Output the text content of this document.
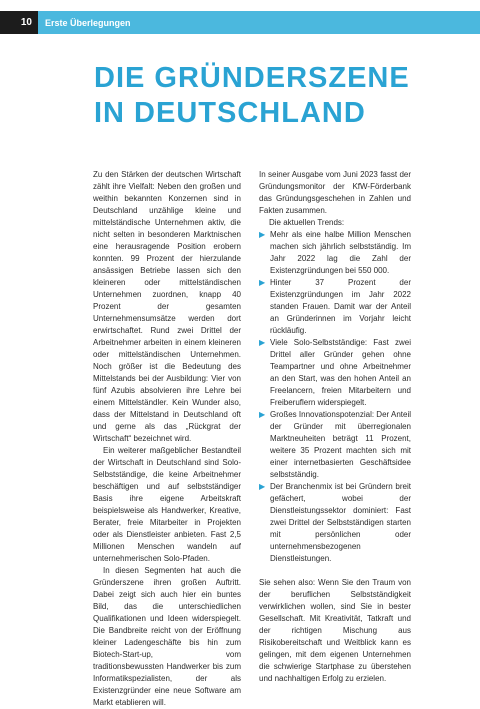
10	Erste Überlegungen
DIE GRÜNDERSZENE IN DEUTSCHLAND

Zu den Stärken der deutschen Wirtschaft zählt ihre Vielfalt: Neben den großen und weithin bekannten Konzernen sind in Deutschland unzählige kleine und mittelständische Unternehmen aktiv, die nicht selten in besonderen Marktnischen eine herausragende Position erobern konnten. 99 Prozent der hierzulande ansässigen Betriebe lassen sich den kleineren oder mittelständischen Unternehmen zuordnen, knapp 40 Prozent der gesamten Unternehmensumsätze werden dort erwirtschaftet. Rund zwei Drittel der Arbeitnehmer arbeiten in einem kleineren oder mittelständischen Unternehmen. Noch größer ist die Bedeutung des Mittelstands bei der Ausbildung: Vier von fünf Azubis absolvieren ihre Lehre bei einem Mittelständler. Kein Wunder also, dass der Mittelstand in Deutschland oft und gerne als das „Rückgrat der Wirtschaft“ bezeichnet wird.

Ein weiterer maßgeblicher Bestandteil der Wirtschaft in Deutschland sind Solo-Selbstständige, die keine Arbeitnehmer beschäftigen und auf selbstständiger Basis ihre eigene Arbeitskraft beispielsweise als Handwerker, Kreative, Berater, freie Mitarbeiter in Projekten oder als Dienstleister anbieten. Fast 2,5 Millionen Menschen wandeln auf unternehmerischen Solo-Pfaden.

In diesen Segmenten hat auch die Gründerszene ihren großen Auftritt. Dabei zeigt sich auch hier ein buntes Bild, das die unterschiedlichen Qualifikationen und Ideen widerspiegelt. Die Bandbreite reicht von der Eröffnung kleiner Ladengeschäfte bis hin zum Biotech-Start-up, vom traditionsbewussten Handwerker bis zum Informatikspezialisten, der als Existenzgründer eine neue Software am Markt etablieren will.

In seiner Ausgabe vom Juni 2023 fasst der Gründungsmonitor der KfW-Förderbank das Gründungsgeschehen in Zahlen und Fakten zusammen.

Die aktuellen Trends:

▶ Mehr als eine halbe Million Menschen machen sich jährlich selbstständig. Im Jahr 2022 lag die Zahl der Existenzgründungen bei 550 000.
▶ Hinter 37 Prozent der Existenzgründungen im Jahr 2022 standen Frauen. Damit war der Anteil an Gründerinnen im Vorjahr leicht rückläufig.
▶ Viele Solo-Selbstständige: Fast zwei Drittel aller Gründer gehen ohne Teampartner und ohne Arbeitnehmer an den Start, was den hohen Anteil an Freelancern, freien Mitarbeitern und Freiberuflern widerspiegelt.
▶ Großes Innovationspotenzial: Der Anteil der Gründer mit überregionalen Marktneuheiten beträgt 11 Prozent, weitere 35 Prozent machten sich mit einer internetbasierten Geschäftsidee selbstständig.
▶ Der Branchenmix ist bei Gründern breit gefächert, wobei der Dienstleistungssektor dominiert: Fast zwei Drittel der Selbstständigen starten mit persönlichen oder unternehmensbezogenen Dienstleistungen.

Sie sehen also: Wenn Sie den Traum von der beruflichen Selbstständigkeit verwirklichen wollen, sind Sie in bester Gesellschaft. Mit Kreativität, Tatkraft und der richtigen Mischung aus Risikobereitschaft und Weitblick kann es gelingen, mit dem eigenen Unternehmen die schwierige Startphase zu überstehen und nachhaltigen Erfolg zu erzielen.
